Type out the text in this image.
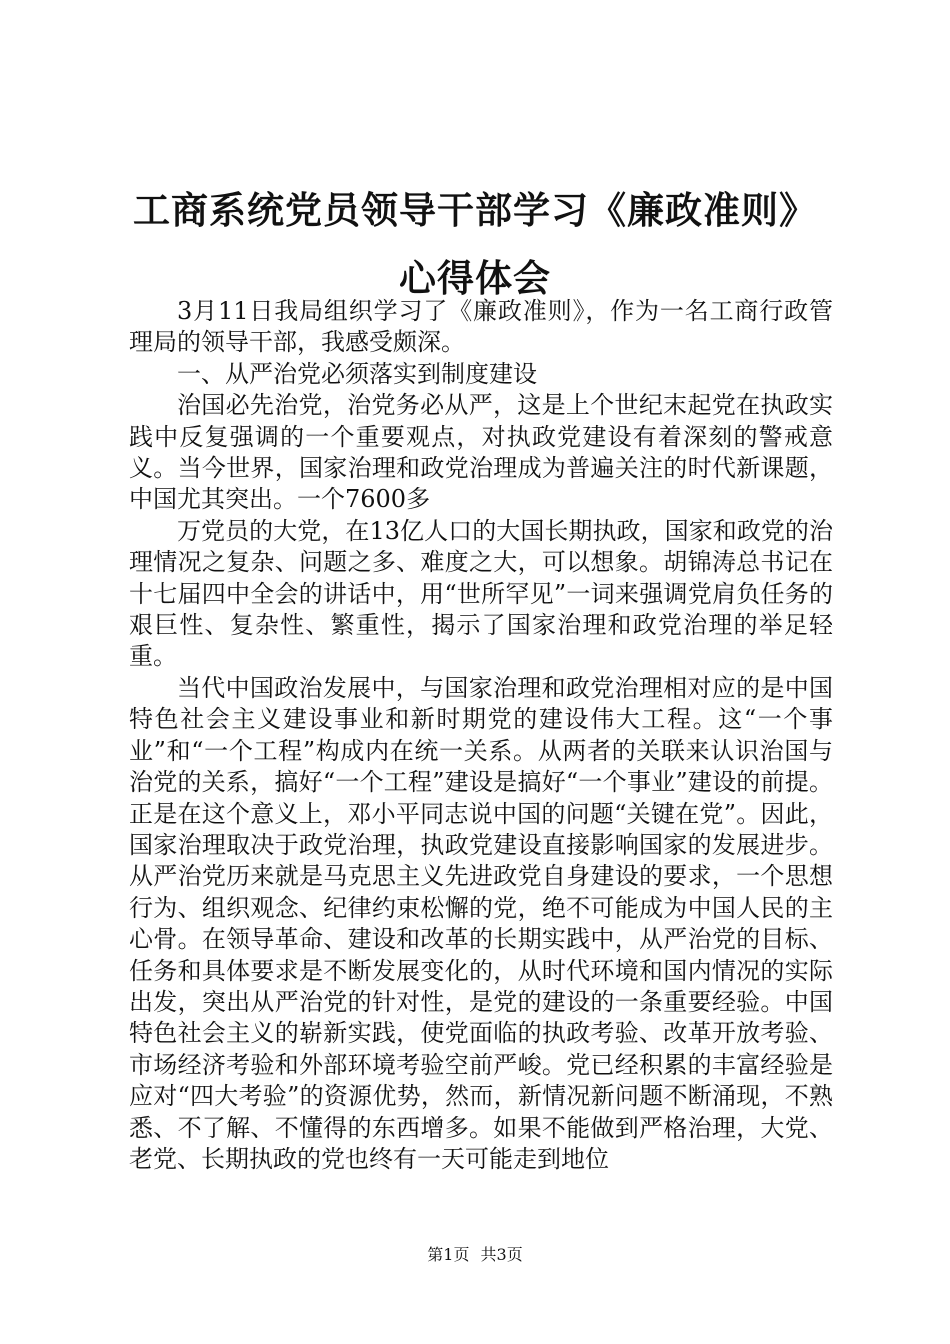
工商系统党员领导干部学习《廉政准则》心得体会

3月11日我局组织学习了《廉政准则》，作为一名工商行政管理局的领导干部，我感受颇深。

一、从严治党必须落实到制度建设

治国必先治党，治党务必从严，这是上个世纪末起党在执政实践中反复强调的一个重要观点，对执政党建设有着深刻的警戒意义。当今世界，国家治理和政党治理成为普遍关注的时代新课题，中国尤其突出。一个7600多

万党员的大党，在13亿人口的大国长期执政，国家和政党的治理情况之复杂、问题之多、难度之大，可以想象。胡锦涛总书记在十七届四中全会的讲话中，用“世所罕见”一词来强调党肩负任务的艰巨性、复杂性、繁重性，揭示了国家治理和政党治理的举足轻重。

当代中国政治发展中，与国家治理和政党治理相对应的是中国特色社会主义建设事业和新时期党的建设伟大工程。这“一个事业”和“一个工程”构成内在统一关系。从两者的关联来认识治国与治党的关系，搞好“一个工程”建设是搞好“一个事业”建设的前提。正是在这个意义上，邓小平同志说中国的问题“关键在党”。因此，国家治理取决于政党治理，执政党建设直接影响国家的发展进步。从严治党历来就是马克思主义先进政党自身建设的要求，一个思想行为、组织观念、纪律约束松懈的党，绝不可能成为中国人民的主心骨。在领导革命、建设和改革的长期实践中，从严治党的目标、任务和具体要求是不断发展变化的，从时代环境和国内情况的实际出发，突出从严治党的针对性，是党的建设的一条重要经验。中国特色社会主义的崭新实践，使党面临的执政考验、改革开放考验、市场经济考验和外部环境考验空前严峻。党已经积累的丰富经验是应对“四大考验”的资源优势，然而，新情况新问题不断涌现，不熟悉、不了解、不懂得的东西增多。如果不能做到严格治理，大党、老党、长期执政的党也终有一天可能走到地位

第1页 共3页
